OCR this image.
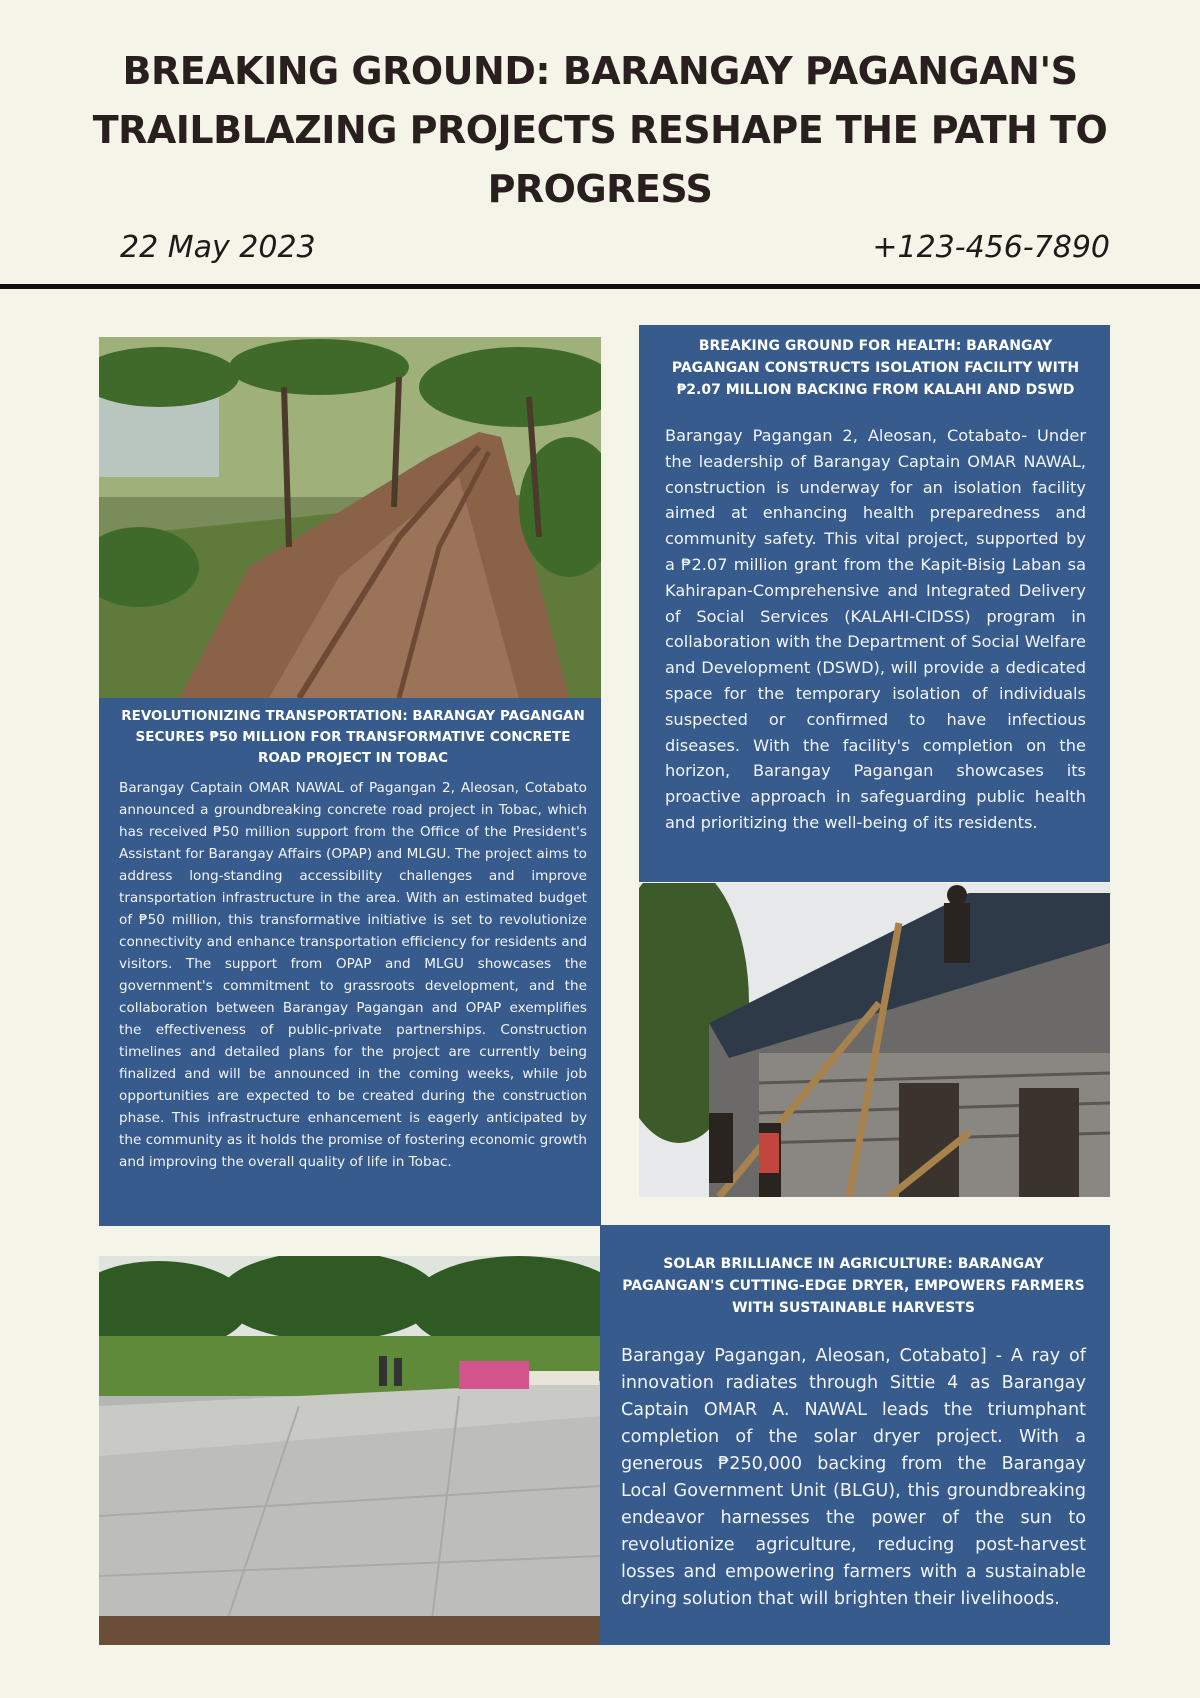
BREAKING GROUND: BARANGAY PAGANGAN'S TRAILBLAZING PROJECTS RESHAPE THE PATH TO PROGRESS
22 May 2023	+123-456-7890
REVOLUTIONIZING TRANSPORTATION: BARANGAY PAGANGAN SECURES ₱50 MILLION FOR TRANSFORMATIVE CONCRETE ROAD PROJECT IN TOBAC

Barangay Captain OMAR NAWAL of Pagangan 2, Aleosan, Cotabato announced a groundbreaking concrete road project in Tobac, which has received ₱50 million support from the Office of the President's Assistant for Barangay Affairs (OPAP) and MLGU. The project aims to address long-standing accessibility challenges and improve transportation infrastructure in the area. With an estimated budget of ₱50 million, this transformative initiative is set to revolutionize connectivity and enhance transportation efficiency for residents and visitors. The support from OPAP and MLGU showcases the government's commitment to grassroots development, and the collaboration between Barangay Pagangan and OPAP exemplifies the effectiveness of public-private partnerships. Construction timelines and detailed plans for the project are currently being finalized and will be announced in the coming weeks, while job opportunities are expected to be created during the construction phase. This infrastructure enhancement is eagerly anticipated by the community as it holds the promise of fostering economic growth and improving the overall quality of life in Tobac.

BREAKING GROUND FOR HEALTH: BARANGAY PAGANGAN CONSTRUCTS ISOLATION FACILITY WITH ₱2.07 MILLION BACKING FROM KALAHI AND DSWD

Barangay Pagangan 2, Aleosan, Cotabato- Under the leadership of Barangay Captain OMAR NAWAL, construction is underway for an isolation facility aimed at enhancing health preparedness and community safety. This vital project, supported by a ₱2.07 million grant from the Kapit-Bisig Laban sa Kahirapan-Comprehensive and Integrated Delivery of Social Services (KALAHI-CIDSS) program in collaboration with the Department of Social Welfare and Development (DSWD), will provide a dedicated space for the temporary isolation of individuals suspected or confirmed to have infectious diseases. With the facility's completion on the horizon, Barangay Pagangan showcases its proactive approach in safeguarding public health and prioritizing the well-being of its residents.

SOLAR BRILLIANCE IN AGRICULTURE: BARANGAY PAGANGAN'S CUTTING-EDGE DRYER, EMPOWERS FARMERS WITH SUSTAINABLE HARVESTS

Barangay Pagangan, Aleosan, Cotabato] - A ray of innovation radiates through Sittie 4 as Barangay Captain OMAR A. NAWAL leads the triumphant completion of the solar dryer project. With a generous ₱250,000 backing from the Barangay Local Government Unit (BLGU), this groundbreaking endeavor harnesses the power of the sun to revolutionize agriculture, reducing post-harvest losses and empowering farmers with a sustainable drying solution that will brighten their livelihoods.
